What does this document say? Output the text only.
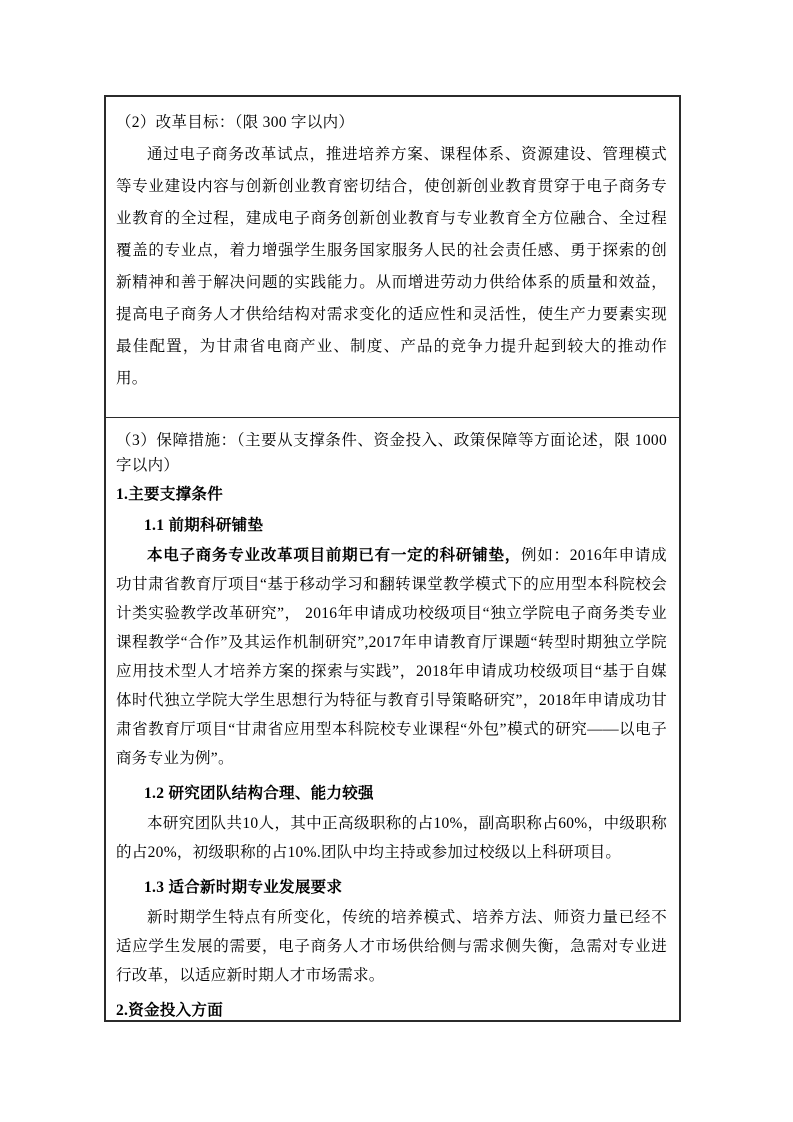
（2）改革目标：（限 300 字以内）

通过电子商务改革试点，推进培养方案、课程体系、资源建设、管理模式等专业建设内容与创新创业教育密切结合，使创新创业教育贯穿于电子商务专业教育的全过程，建成电子商务创新创业教育与专业教育全方位融合、全过程覆盖的专业点，着力增强学生服务国家服务人民的社会责任感、勇于探索的创新精神和善于解决问题的实践能力。从而增进劳动力供给体系的质量和效益，提高电子商务人才供给结构对需求变化的适应性和灵活性，使生产力要素实现最佳配置，为甘肃省电商产业、制度、产品的竞争力提升起到较大的推动作用。

（3）保障措施：（主要从支撑条件、资金投入、政策保障等方面论述，限 1000 字以内）

1.主要支撑条件

1.1 前期科研铺垫

本电子商务专业改革项目前期已有一定的科研铺垫，例如：2016年申请成功甘肃省教育厅项目“基于移动学习和翻转课堂教学模式下的应用型本科院校会计类实验教学改革研究”， 2016年申请成功校级项目“独立学院电子商务类专业课程教学“合作”及其运作机制研究”,2017年申请教育厅课题“转型时期独立学院应用技术型人才培养方案的探索与实践”，2018年申请成功校级项目“基于自媒体时代独立学院大学生思想行为特征与教育引导策略研究”，2018年申请成功甘肃省教育厅项目“甘肃省应用型本科院校专业课程“外包”模式的研究——以电子商务专业为例”。

1.2 研究团队结构合理、能力较强

本研究团队共10人，其中正高级职称的占10%，副高职称占60%，中级职称的占20%，初级职称的占10%.团队中均主持或参加过校级以上科研项目。

1.3 适合新时期专业发展要求

新时期学生特点有所变化，传统的培养模式、培养方法、师资力量已经不适应学生发展的需要，电子商务人才市场供给侧与需求侧失衡，急需对专业进行改革，以适应新时期人才市场需求。

2.资金投入方面
